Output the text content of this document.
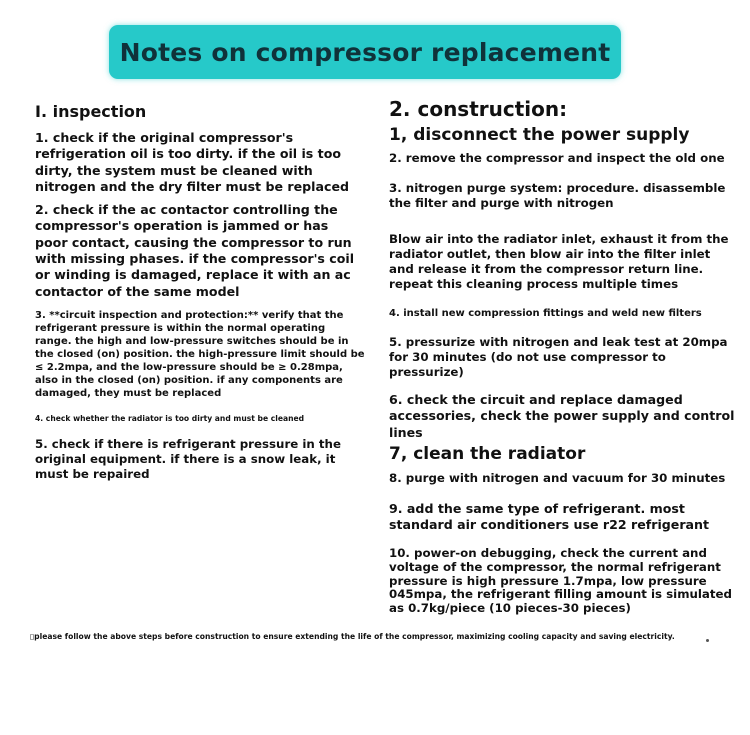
Notes on compressor replacement

I. inspection

1. check if the original compressor's refrigeration oil is too dirty. if the oil is too dirty, the system must be cleaned with nitrogen and the dry filter must be replaced

2. check if the ac contactor controlling the compressor's operation is jammed or has poor contact, causing the compressor to run with missing phases. if the compressor's coil or winding is damaged, replace it with an ac contactor of the same model

3. **circuit inspection and protection:** verify that the refrigerant pressure is within the normal operating range. the high and low-pressure switches should be in the closed (on) position. the high-pressure limit should be ≤ 2.2mpa, and the low-pressure should be ≥ 0.28mpa, also in the closed (on) position. if any components are damaged, they must be replaced

4. check whether the radiator is too dirty and must be cleaned

5. check if there is refrigerant pressure in the original equipment. if there is a snow leak, it must be repaired

2. construction:

1, disconnect the power supply

2. remove the compressor and inspect the old one

3. nitrogen purge system: procedure. disassemble the filter and purge with nitrogen

Blow air into the radiator inlet, exhaust it from the radiator outlet, then blow air into the filter inlet and release it from the compressor return line. repeat this cleaning process multiple times

4. install new compression fittings and weld new filters

5. pressurize with nitrogen and leak test at 20mpa for 30 minutes (do not use compressor to pressurize)

6. check the circuit and replace damaged accessories, check the power supply and control lines

7, clean the radiator

8. purge with nitrogen and vacuum for 30 minutes

9. add the same type of refrigerant. most standard air conditioners use r22 refrigerant

10. power-on debugging, check the current and voltage of the compressor, the normal refrigerant pressure is high pressure 1.7mpa, low pressure 045mpa, the refrigerant filling amount is simulated as 0.7kg/piece (10 pieces-30 pieces)

▯please follow the above steps before construction to ensure extending the life of the compressor, maximizing cooling capacity and saving electricity.
